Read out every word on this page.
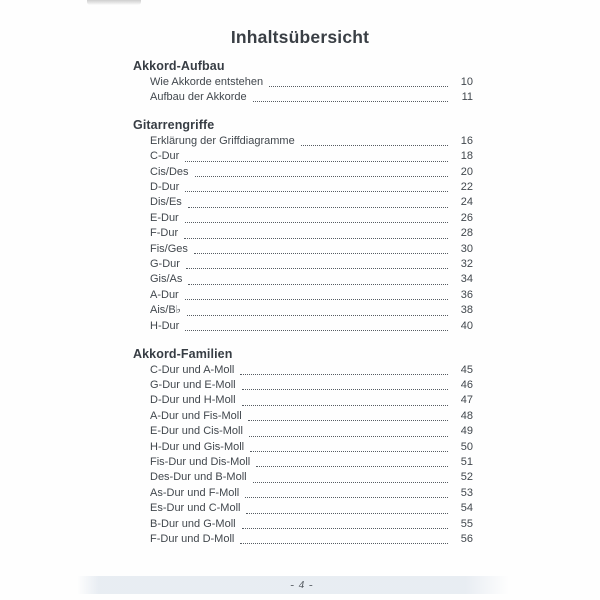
Inhaltsübersicht
Akkord-Aufbau
Wie Akkorde entstehen	10
Aufbau der Akkorde	11
Gitarrengriffe
Erklärung der Griffdiagramme	16
C-Dur	18
Cis/Des	20
D-Dur	22
Dis/Es	24
E-Dur	26
F-Dur	28
Fis/Ges	30
G-Dur	32
Gis/As	34
A-Dur	36
Ais/B♭	38
H-Dur	40
Akkord-Familien
C-Dur und A-Moll	45
G-Dur und E-Moll	46
D-Dur und H-Moll	47
A-Dur und Fis-Moll	48
E-Dur und Cis-Moll	49
H-Dur und Gis-Moll	50
Fis-Dur und Dis-Moll	51
Des-Dur und B-Moll	52
As-Dur und F-Moll	53
Es-Dur und C-Moll	54
B-Dur und G-Moll	55
F-Dur und D-Moll	56
- 4 -
